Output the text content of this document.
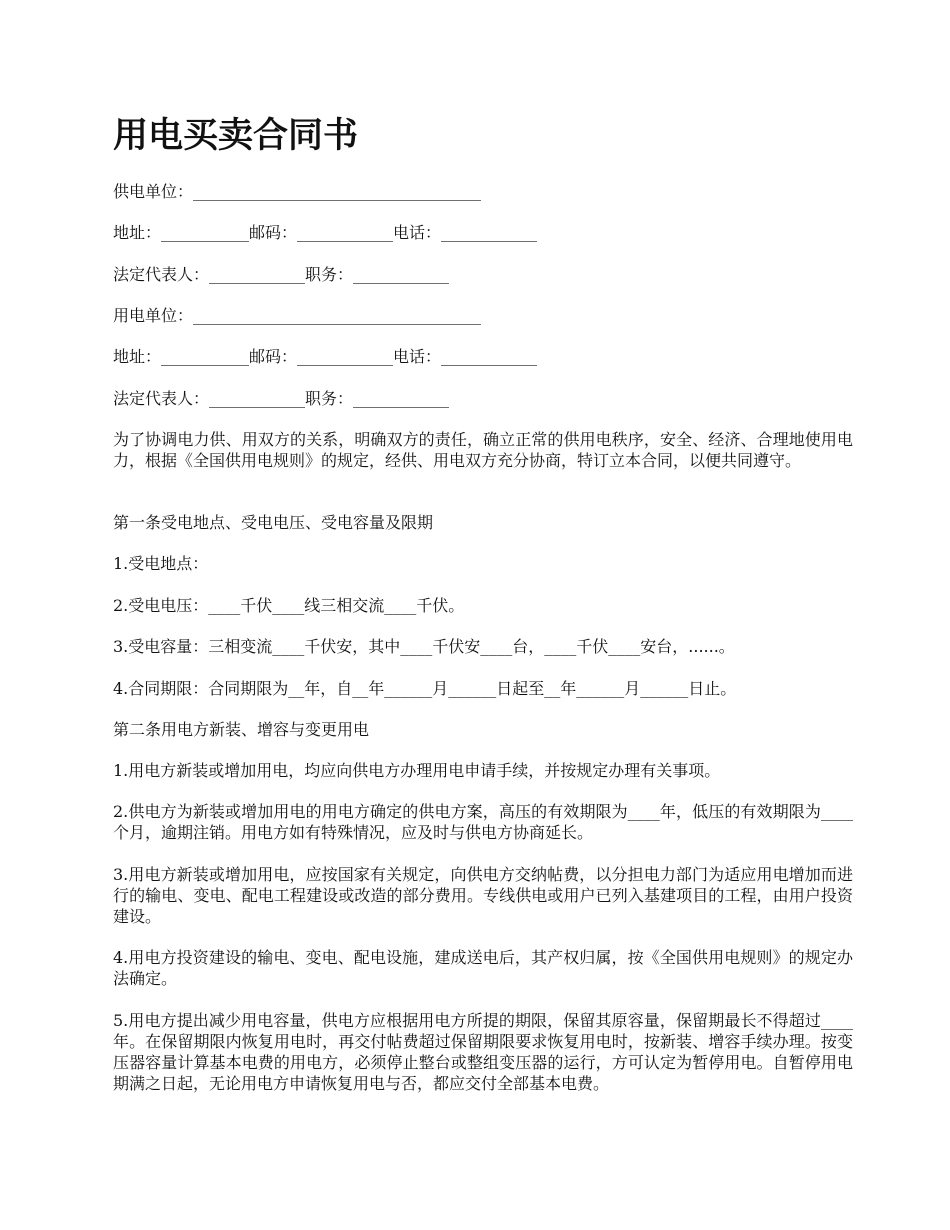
用电买卖合同书
供电单位：____________________________________
地址：___________邮码：____________电话：____________
法定代表人：____________职务：____________
用电单位：____________________________________
地址：___________邮码：____________电话：____________
法定代表人：____________职务：____________
为了协调电力供、用双方的关系，明确双方的责任，确立正常的供用电秩序，安全、经济、合理地使用电力，根据《全国供用电规则》的规定，经供、用电双方充分协商，特订立本合同，以便共同遵守。
第一条受电地点、受电电压、受电容量及限期
1.受电地点：
2.受电电压：____千伏____线三相交流____千伏。
3.受电容量：三相变流____千伏安，其中____千伏安____台，____千伏____安台，......。
4.合同期限：合同期限为__年，自__年______月______日起至__年______月______日止。
第二条用电方新装、增容与变更用电
1.用电方新装或增加用电，均应向供电方办理用电申请手续，并按规定办理有关事项。
2.供电方为新装或增加用电的用电方确定的供电方案，高压的有效期限为____年，低压的有效期限为____个月，逾期注销。用电方如有特殊情况，应及时与供电方协商延长。
3.用电方新装或增加用电，应按国家有关规定，向供电方交纳帖费，以分担电力部门为适应用电增加而进行的输电、变电、配电工程建设或改造的部分费用。专线供电或用户已列入基建项目的工程，由用户投资建设。
4.用电方投资建设的输电、变电、配电设施，建成送电后，其产权归属，按《全国供用电规则》的规定办法确定。
5.用电方提出减少用电容量，供电方应根据用电方所提的期限，保留其原容量，保留期最长不得超过____年。在保留期限内恢复用电时，再交付帖费超过保留期限要求恢复用电时，按新装、增容手续办理。按变压器容量计算基本电费的用电方，必须停止整台或整组变压器的运行，方可认定为暂停用电。自暂停用电期满之日起，无论用电方申请恢复用电与否，都应交付全部基本电费。
